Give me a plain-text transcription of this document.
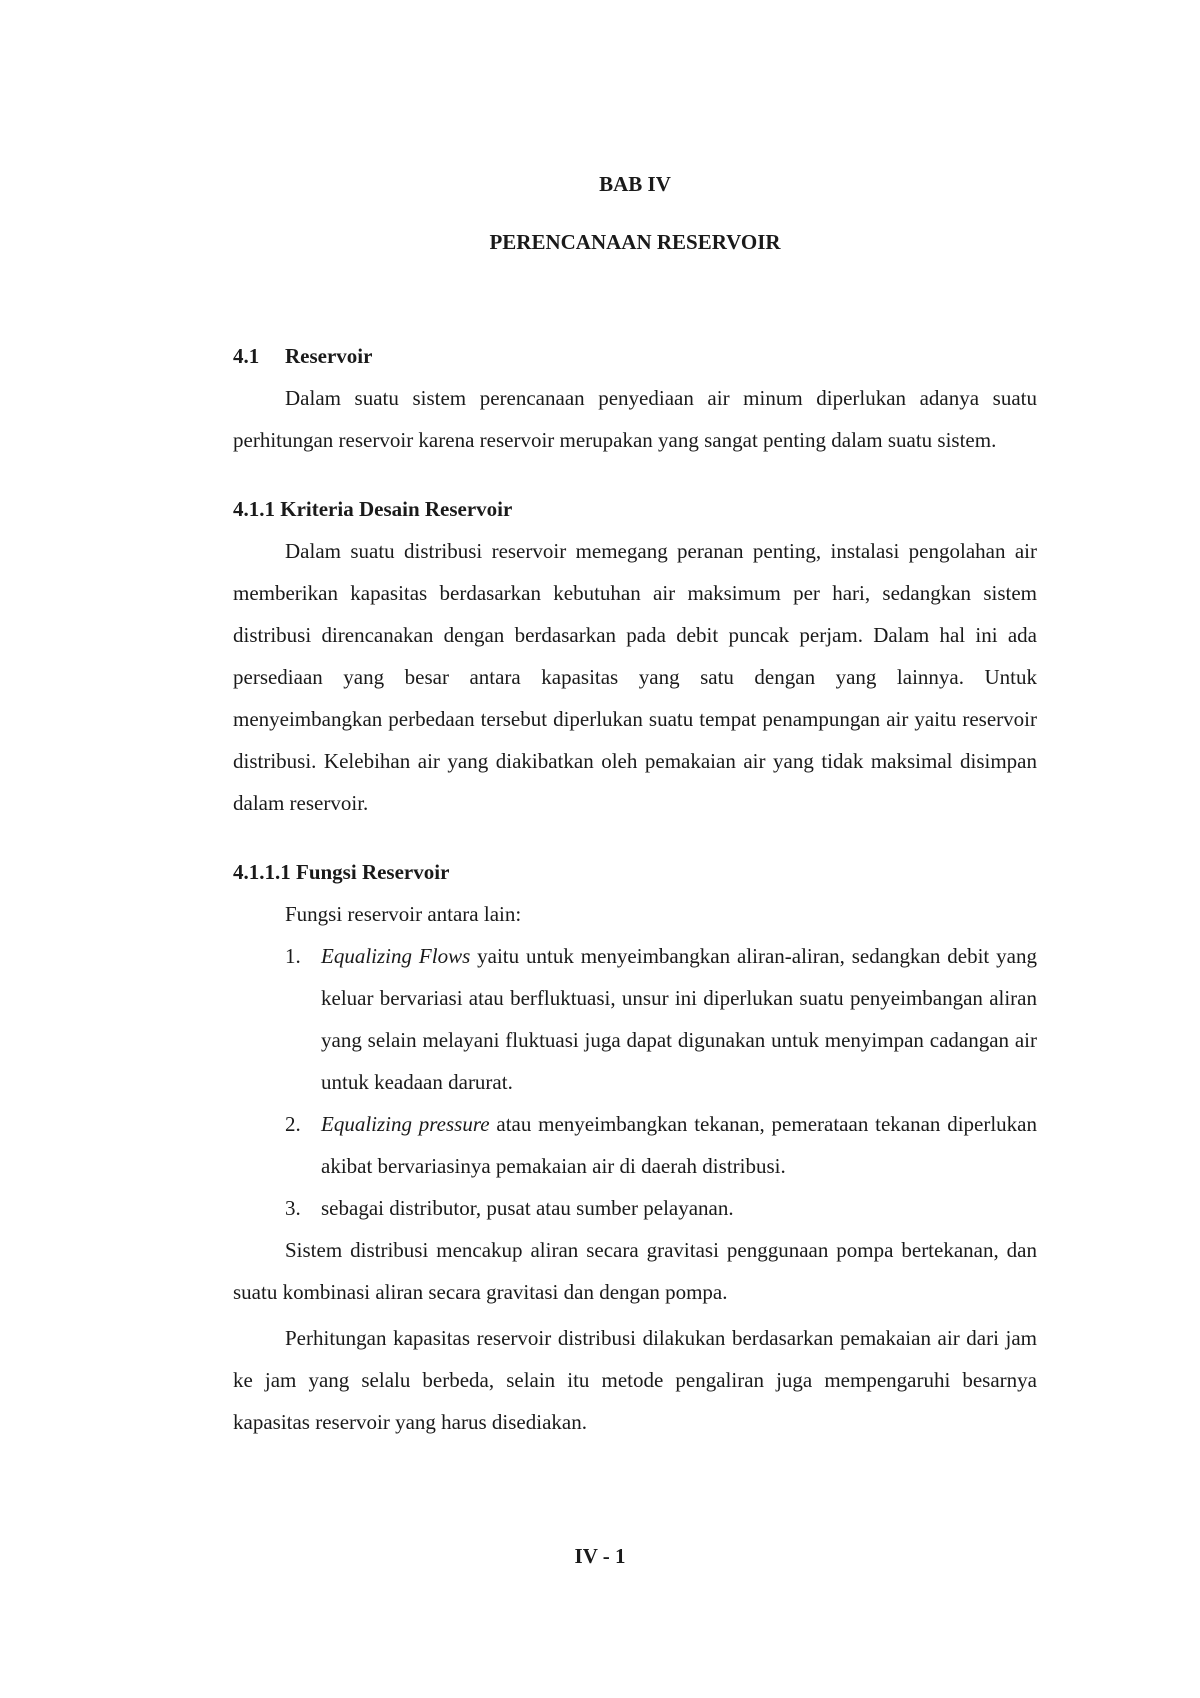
BAB IV
PERENCANAAN RESERVOIR
4.1 Reservoir

Dalam suatu sistem perencanaan penyediaan air minum diperlukan adanya suatu perhitungan reservoir karena reservoir merupakan yang sangat penting dalam suatu sistem.

4.1.1 Kriteria Desain Reservoir

Dalam suatu distribusi reservoir memegang peranan penting, instalasi pengolahan air memberikan kapasitas berdasarkan kebutuhan air maksimum per hari, sedangkan sistem distribusi direncanakan dengan berdasarkan pada debit puncak perjam. Dalam hal ini ada persediaan yang besar antara kapasitas yang satu dengan yang lainnya. Untuk menyeimbangkan perbedaan tersebut diperlukan suatu tempat penampungan air yaitu reservoir distribusi. Kelebihan air yang diakibatkan oleh pemakaian air yang tidak maksimal disimpan dalam reservoir.

4.1.1.1 Fungsi Reservoir
Fungsi reservoir antara lain:
1. Equalizing Flows yaitu untuk menyeimbangkan aliran-aliran, sedangkan debit yang keluar bervariasi atau berfluktuasi, unsur ini diperlukan suatu penyeimbangan aliran yang selain melayani fluktuasi juga dapat digunakan untuk menyimpan cadangan air untuk keadaan darurat.
2. Equalizing pressure atau menyeimbangkan tekanan, pemerataan tekanan diperlukan akibat bervariasinya pemakaian air di daerah distribusi.
3. sebagai distributor, pusat atau sumber pelayanan.

Sistem distribusi mencakup aliran secara gravitasi penggunaan pompa bertekanan, dan suatu kombinasi aliran secara gravitasi dan dengan pompa.

Perhitungan kapasitas reservoir distribusi dilakukan berdasarkan pemakaian air dari jam ke jam yang selalu berbeda, selain itu metode pengaliran juga mempengaruhi besarnya kapasitas reservoir yang harus disediakan.

IV - 1
